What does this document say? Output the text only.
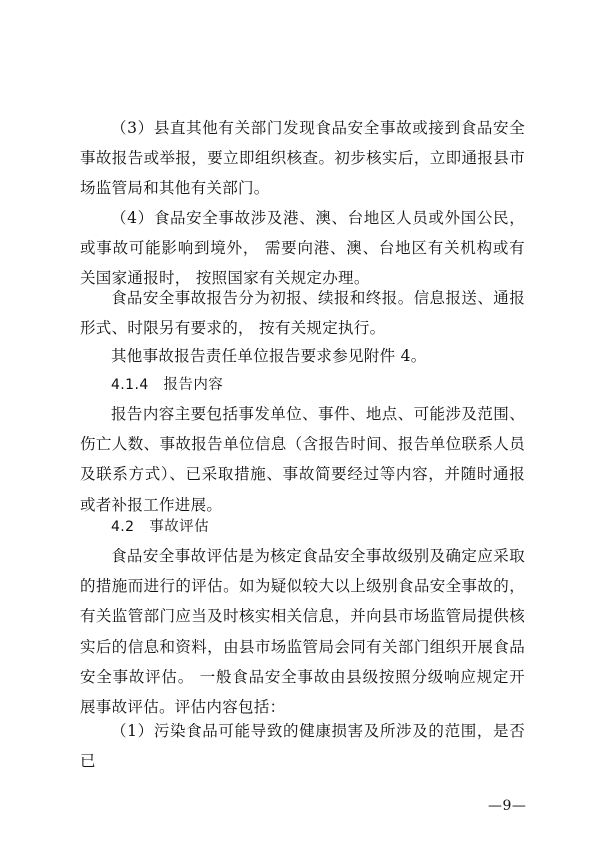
（3）县直其他有关部门发现食品安全事故或接到食品安全事故报告或举报，要立即组织核查。初步核实后，立即通报县市场监管局和其他有关部门。

（4）食品安全事故涉及港、澳、台地区人员或外国公民，或事故可能影响到境外， 需要向港、澳、台地区有关机构或有关国家通报时， 按照国家有关规定办理。

食品安全事故报告分为初报、续报和终报。信息报送、通报形式、时限另有要求的， 按有关规定执行。

其他事故报告责任单位报告要求参见附件 4。

4.1.4　 报告内容

报告内容主要包括事发单位、事件、地点、可能涉及范围、伤亡人数、事故报告单位信息（含报告时间、报告单位联系人员及联系方式）、已采取措施、事故简要经过等内容，并随时通报或者补报工作进展。

4.2　 事故评估

食品安全事故评估是为核定食品安全事故级别及确定应采取的措施而进行的评估。如为疑似较大以上级别食品安全事故的，有关监管部门应当及时核实相关信息，并向县市场监管局提供核实后的信息和资料，由县市场监管局会同有关部门组织开展食品安全事故评估。 一般食品安全事故由县级按照分级响应规定开展事故评估。评估内容包括：

（1）污染食品可能导致的健康损害及所涉及的范围，是否已

—9—
